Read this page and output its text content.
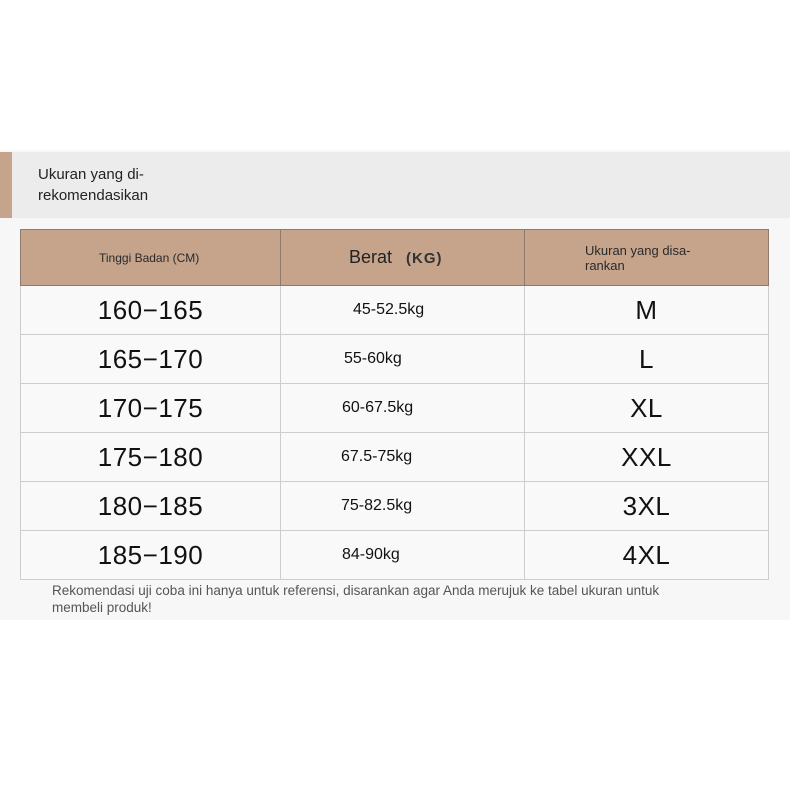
Ukuran yang di-
rekomendasikan
Tinggi Badan (CM)	Berat (KG)	Ukuran yang disa-
rankan

160−165	45-52.5kg	M
165−170	55-60kg	L
170−175	60-67.5kg	XL
175−180	67.5-75kg	XXL
180−185	75-82.5kg	3XL
185−190	84-90kg	4XL
Rekomendasi uji coba ini hanya untuk referensi, disarankan agar Anda merujuk ke tabel ukuran untuk
membeli produk!
